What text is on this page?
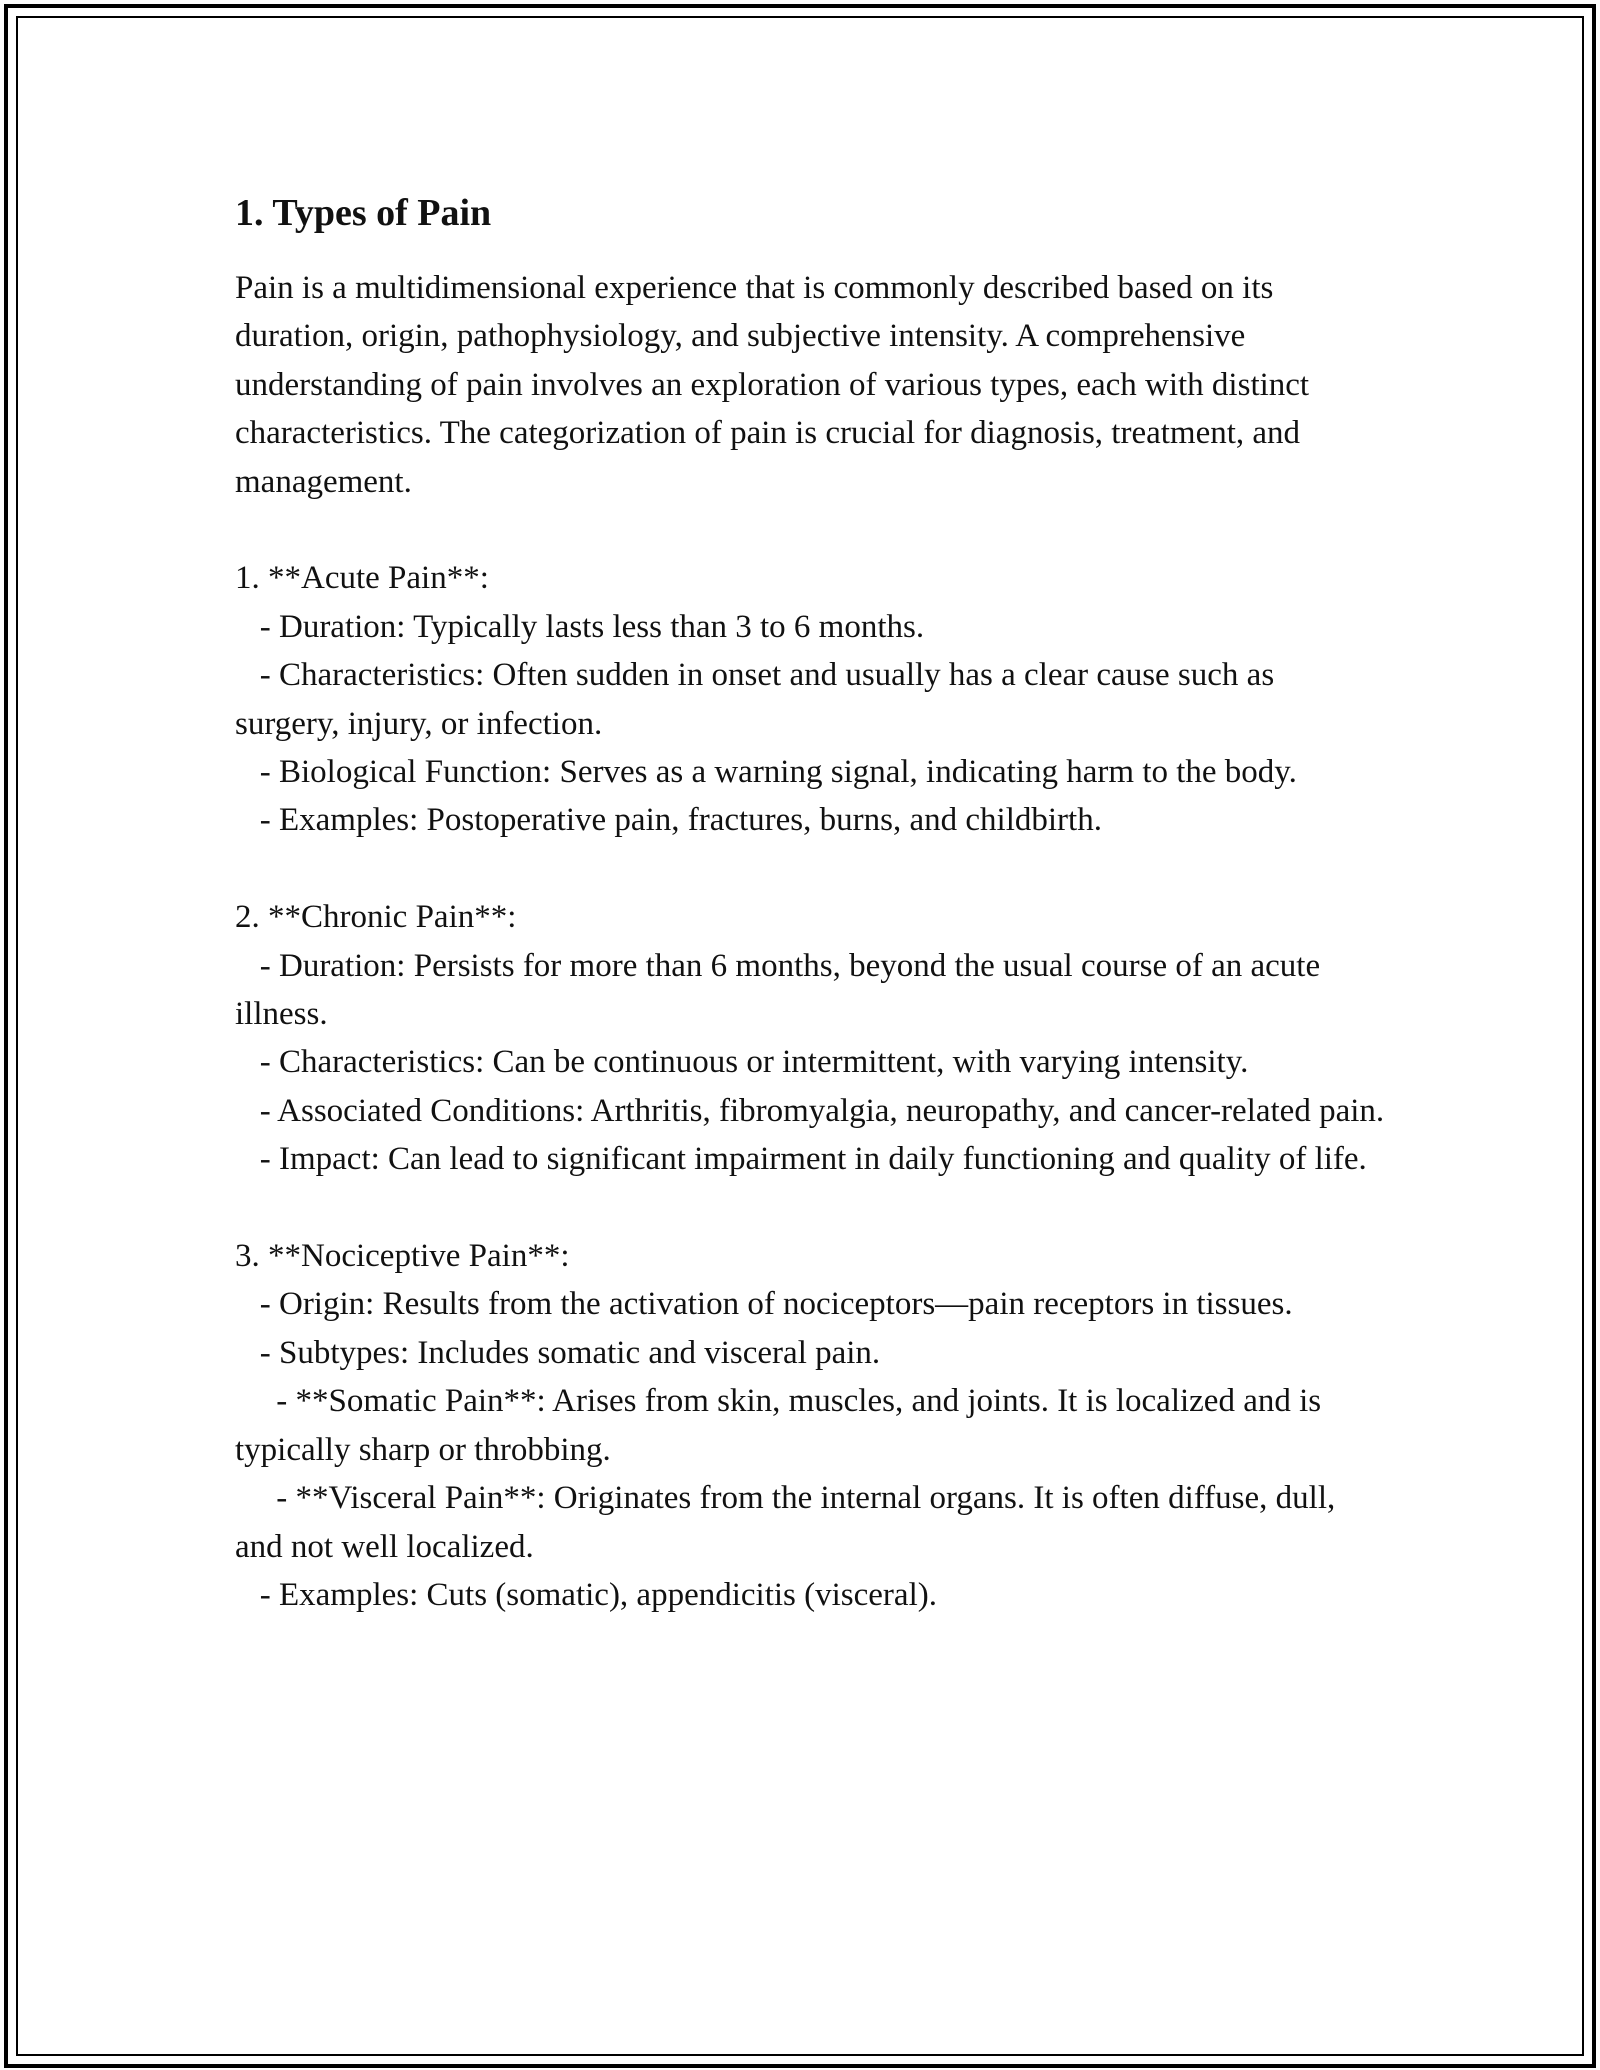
1. Types of Pain

Pain is a multidimensional experience that is commonly described based on its duration, origin, pathophysiology, and subjective intensity. A comprehensive understanding of pain involves an exploration of various types, each with distinct characteristics. The categorization of pain is crucial for diagnosis, treatment, and management.

1. **Acute Pain**:

- Duration: Typically lasts less than 3 to 6 months.

- Characteristics: Often sudden in onset and usually has a clear cause such as surgery, injury, or infection.

- Biological Function: Serves as a warning signal, indicating harm to the body.

- Examples: Postoperative pain, fractures, burns, and childbirth.

2. **Chronic Pain**:

- Duration: Persists for more than 6 months, beyond the usual course of an acute illness.

- Characteristics: Can be continuous or intermittent, with varying intensity.

- Associated Conditions: Arthritis, fibromyalgia, neuropathy, and cancer-related pain.

- Impact: Can lead to significant impairment in daily functioning and quality of life.

3. **Nociceptive Pain**:

- Origin: Results from the activation of nociceptors—pain receptors in tissues.

- Subtypes: Includes somatic and visceral pain.

- **Somatic Pain**: Arises from skin, muscles, and joints. It is localized and is typically sharp or throbbing.

- **Visceral Pain**: Originates from the internal organs. It is often diffuse, dull, and not well localized.

- Examples: Cuts (somatic), appendicitis (visceral).
